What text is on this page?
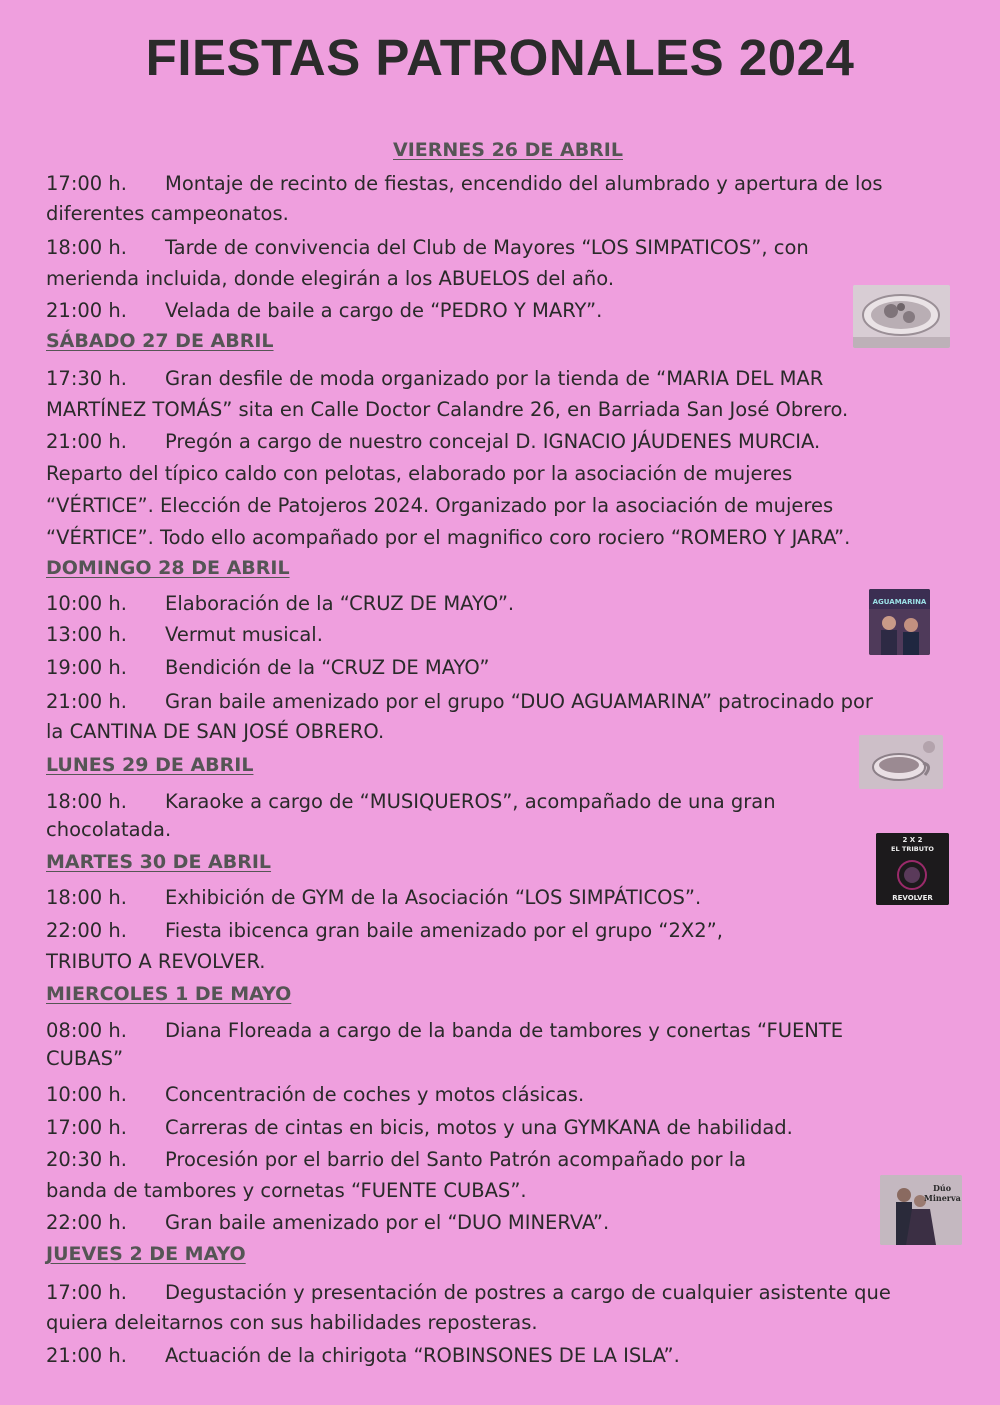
FIESTAS PATRONALES 2024
VIERNES 26 DE ABRIL
17:00 h. Montaje de recinto de fiestas, encendido del alumbrado y apertura de los
diferentes campeonatos.
18:00 h. Tarde de convivencia del Club de Mayores “LOS SIMPATICOS”, con
merienda incluida, donde elegirán a los ABUELOS del año.
21:00 h. Velada de baile a cargo de “PEDRO Y MARY”.
SÁBADO 27 DE ABRIL
17:30 h. Gran desfile de moda organizado por la tienda de “MARIA DEL MAR
MARTÍNEZ TOMÁS” sita en Calle Doctor Calandre 26, en Barriada San José Obrero.
21:00 h. Pregón a cargo de nuestro concejal D. IGNACIO JÁUDENES MURCIA.
Reparto del típico caldo con pelotas, elaborado por la asociación de mujeres
“VÉRTICE”. Elección de Patojeros 2024. Organizado por la asociación de mujeres
“VÉRTICE”. Todo ello acompañado por el magnifico coro rociero “ROMERO Y JARA”.
DOMINGO 28 DE ABRIL
10:00 h. Elaboración de la “CRUZ DE MAYO”.
13:00 h. Vermut musical.
19:00 h. Bendición de la “CRUZ DE MAYO”
21:00 h. Gran baile amenizado por el grupo “DUO AGUAMARINA” patrocinado por
la CANTINA DE SAN JOSÉ OBRERO.
LUNES 29 DE ABRIL
18:00 h. Karaoke a cargo de “MUSIQUEROS”, acompañado de una gran
chocolatada.
MARTES 30 DE ABRIL
18:00 h. Exhibición de GYM de la Asociación “LOS SIMPÁTICOS”.
22:00 h. Fiesta ibicenca gran baile amenizado por el grupo “2X2”,
TRIBUTO A REVOLVER.
MIERCOLES 1 DE MAYO
08:00 h. Diana Floreada a cargo de la banda de tambores y conertas “FUENTE
CUBAS”
10:00 h. Concentración de coches y motos clásicas.
17:00 h. Carreras de cintas en bicis, motos y una GYMKANA de habilidad.
20:30 h. Procesión por el barrio del Santo Patrón acompañado por la
banda de tambores y cornetas “FUENTE CUBAS”.
22:00 h. Gran baile amenizado por el “DUO MINERVA”.
JUEVES 2 DE MAYO
17:00 h. Degustación y presentación de postres a cargo de cualquier asistente que
quiera deleitarnos con sus habilidades reposteras.
21:00 h. Actuación de la chirigota “ROBINSONES DE LA ISLA”.
AGUAMARINA
2 X 2
EL TRIBUTO
REVOLVER
Dúo
Minerva
